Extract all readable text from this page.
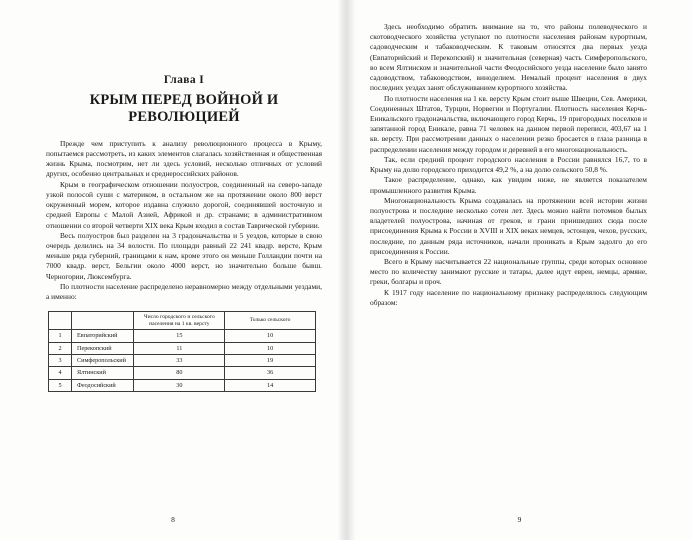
Глава I
КРЫМ ПЕРЕД ВОЙНОЙ И РЕВОЛЮЦИЕЙ

Прежде чем приступить к анализу революционного процесса в Крыму, попытаемся рассмотреть, из каких элементов слагалась хозяйственная и общественная жизнь Крыма, посмотрим, нет ли здесь условий, несколько отличных от условий других, особенно центральных и среднероссийских районов.

Крым в географическом отношении полуостров, соединенный на северо-западе узкой полосой суши с материком, в остальном же на протяжении около 800 верст окруженный морем, которое издавна служило дорогой, соединявшей восточную и средней Европы с Малой Азией, Африкой и др. странами; в административном отношении со второй четверти XIX века Крым входил в состав Таврической губернии.

Весь полуостров был разделен на 3 градоначальства и 5 уездов, которые в свою очередь делились на 34 волости. По площади равный 22 241 квадр. версте, Крым меньше ряда губерний, границами к нам, кроме этого он меньше Голландии почти на 7000 квадр. верст, Бельгии около 4000 верст, но значительно больше бывш. Черногории, Люксембурга.

По плотности население распределено неравномерно между отдельными уездами, а именно:

		Число городского и сельского населения на 1 кв. версту	Только сельского
1	Евпаторийский	15	10
2	Перекопский	11	10
3	Симферопольский	33	19
4	Ялтинский	80	36
5	Феодосийский	30	14
8

Здесь необходимо обратить внимание на то, что районы полеводческого и скотоводческого хозяйства уступают по плотности населения районам курортным, садоводческим и табаководческим. К таковым относятся два первых уезда (Евпаторийский и Перекопский) и значительная (северная) часть Симферопольского, во всем Ялтинском и значительной части Феодосийского уезда население было занято садоводством, табаководством, виноделием. Немалый процент населения в двух последних уездах занят обслуживанием курортного хозяйства.

По плотности населения на 1 кв. версту Крым стоит выше Швеции, Сев. Америки, Соединенных Штатов, Турции, Норвегии и Португалии. Плотность населения Керчь-Еникальского градоначальства, включающего город Керчь, 19 пригородных поселков и запятанной город Еникале, равна 71 человек на данном первой переписи, 403,67 на 1 кв. версту. При рассмотрении данных о населении резко бросается в глаза разница в распределении населения между городом и деревней в его многонациональность.

Так, если средний процент городского населения в России равнялся 16,7, то в Крыму на долю городского приходится 49,2 %, а на долю сельского 50,8 %.

Такое распределение, однако, как увидим ниже, не является показателем промышленного развития Крыма.

Многонациональность Крыма создавалась на протяжении всей истории жизни полуострова и последние несколько сотен лет. Здесь можно найти потомков былых владетелей полуострова, начиная от греков, и грани приишедших сюда после присоединения Крыма к России в XVIII и XIX веках немцев, эстонцев, чехов, русских, последние, по данным ряда источников, начали проникать в Крым задолго до его присоединения к России.

Всего в Крыму насчитывается 22 национальные группы, среди которых основное место по количеству занимают русские и татары, далее идут евреи, немцы, армяне, греки, болгары и проч.

К 1917 году население по национальному признаку распределялось следующим образом:

9
